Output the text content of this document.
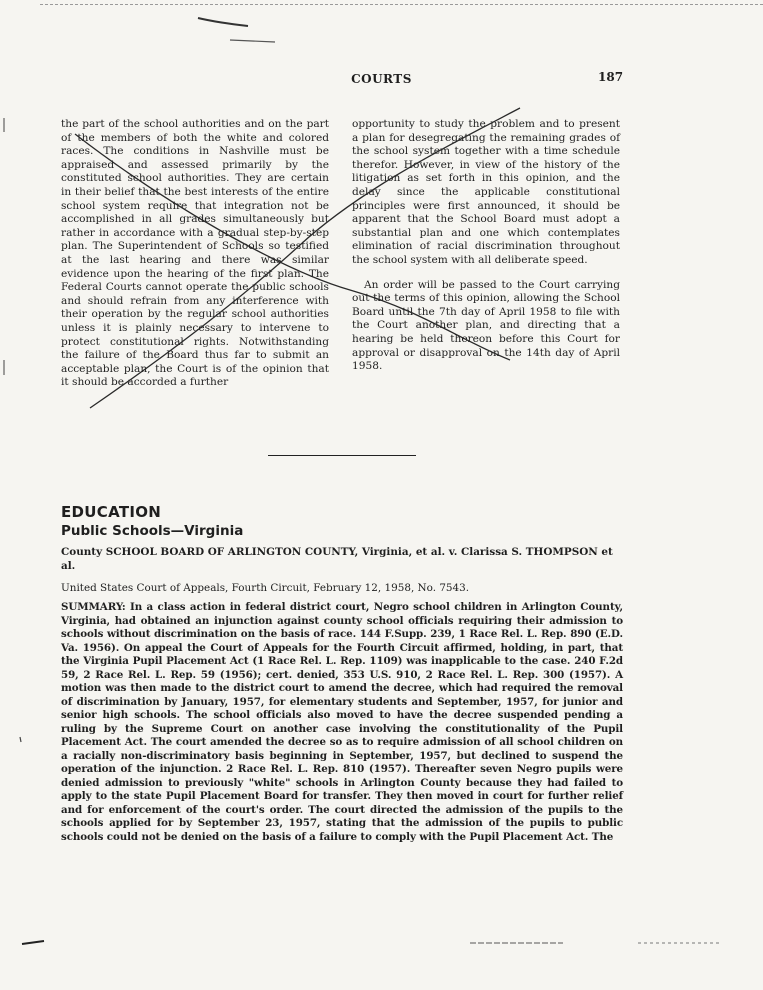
COURTS	187

the part of the school authorities and on the part of the members of both the white and colored races. The conditions in Nashville must be appraised and assessed primarily by the constituted school authorities. They are certain in their belief that the best interests of the entire school system require that integration not be accomplished in all grades simultaneously but rather in accordance with a gradual step-by-step plan. The Superintendent of Schools so testified at the last hearing and there was similar evidence upon the hearing of the first plan. The Federal Courts cannot operate the public schools and should refrain from any interference with their operation by the regular school authorities unless it is plainly necessary to intervene to protect constitutional rights. Notwithstanding the failure of the Board thus far to submit an acceptable plan, the Court is of the opinion that it should be accorded a further

opportunity to study the problem and to present a plan for desegregating the remaining grades of the school system together with a time schedule therefor. However, in view of the history of the litigation as set forth in this opinion, and the delay since the applicable constitutional principles were first announced, it should be apparent that the School Board must adopt a substantial plan and one which contemplates elimination of racial discrimination throughout the school system with all deliberate speed.

An order will be passed to the Court carrying out the terms of this opinion, allowing the School Board until the 7th day of April 1958 to file with the Court another plan, and directing that a hearing be held thereon before this Court for approval or disapproval on the 14th day of April 1958.

EDUCATION
Public Schools—Virginia
County SCHOOL BOARD OF ARLINGTON COUNTY, Virginia, et al. v. Clarissa S. THOMPSON et al.
United States Court of Appeals, Fourth Circuit, February 12, 1958, No. 7543.
SUMMARY: In a class action in federal district court, Negro school children in Arlington County, Virginia, had obtained an injunction against county school officials requiring their admission to schools without discrimination on the basis of race. 144 F.Supp. 239, 1 Race Rel. L. Rep. 890 (E.D. Va. 1956). On appeal the Court of Appeals for the Fourth Circuit affirmed, holding, in part, that the Virginia Pupil Placement Act (1 Race Rel. L. Rep. 1109) was inapplicable to the case. 240 F.2d 59, 2 Race Rel. L. Rep. 59 (1956); cert. denied, 353 U.S. 910, 2 Race Rel. L. Rep. 300 (1957). A motion was then made to the district court to amend the decree, which had required the removal of discrimination by January, 1957, for elementary students and September, 1957, for junior and senior high schools. The school officials also moved to have the decree suspended pending a ruling by the Supreme Court on another case involving the constitutionality of the Pupil Placement Act. The court amended the decree so as to require admission of all school children on a racially non-discriminatory basis beginning in September, 1957, but declined to suspend the operation of the injunction. 2 Race Rel. L. Rep. 810 (1957). Thereafter seven Negro pupils were denied admission to previously "white" schools in Arlington County because they had failed to apply to the state Pupil Placement Board for transfer. They then moved in court for further relief and for enforcement of the court's order. The court directed the admission of the pupils to the schools applied for by September 23, 1957, stating that the admission of the pupils to public schools could not be denied on the basis of a failure to comply with the Pupil Placement Act. The
